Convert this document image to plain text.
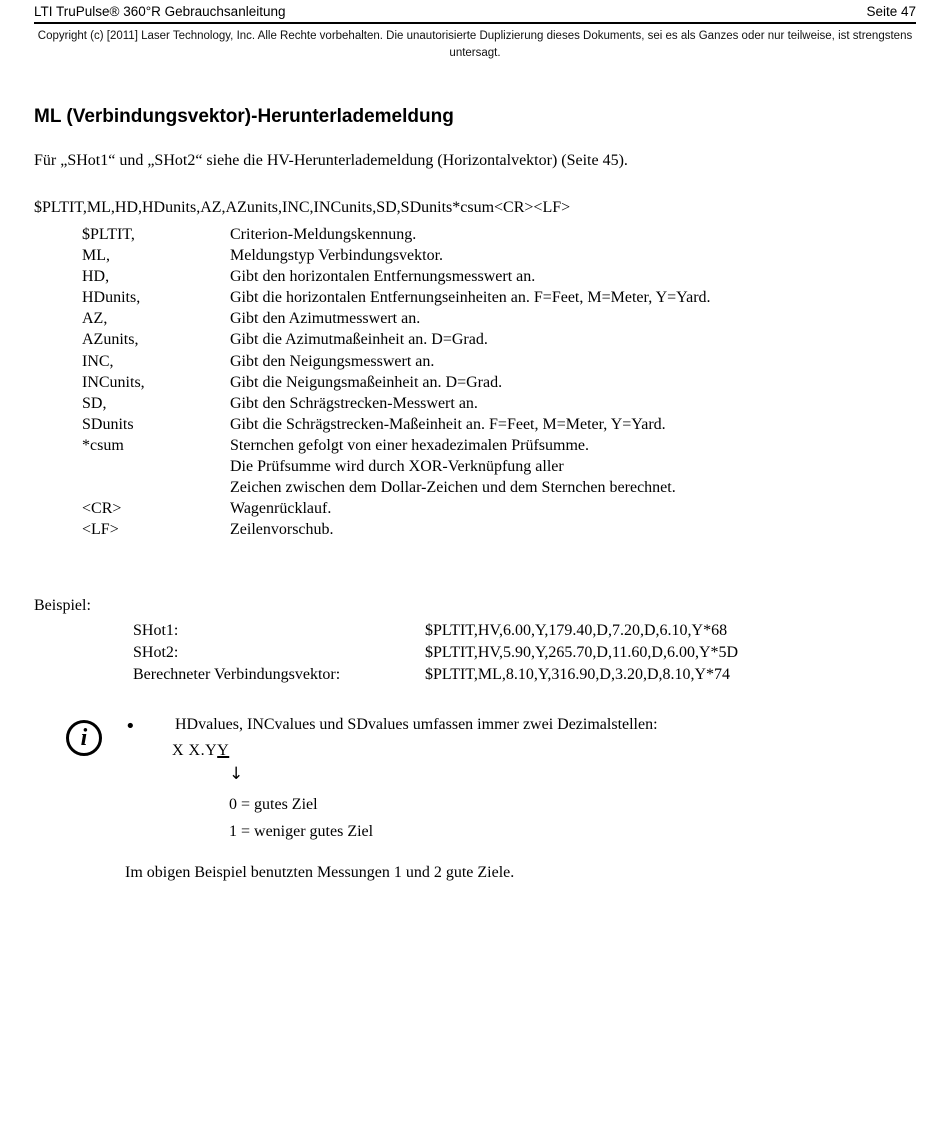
LTI TruPulse® 360°R Gebrauchsanleitung	Seite 47
Copyright (c) [2011] Laser Technology, Inc. Alle Rechte vorbehalten. Die unautorisierte Duplizierung dieses Dokuments, sei es als Ganzes oder nur teilweise, ist strengstens untersagt.
ML (Verbindungsvektor)-Herunterlademeldung
Für „SHot1“ und „SHot2“ siehe die HV-Herunterlademeldung (Horizontalvektor) (Seite 45).
$PLTIT,ML,HD,HDunits,AZ,AZunits,INC,INCunits,SD,SDunits*csum<CR><LF>
$PLTIT,	Criterion-Meldungskennung.
ML,	Meldungstyp Verbindungsvektor.
HD,	Gibt den horizontalen Entfernungsmesswert an.
HDunits,	Gibt die horizontalen Entfernungseinheiten an. F=Feet, M=Meter, Y=Yard.
AZ,	Gibt den Azimutmesswert an.
AZunits,	Gibt die Azimutmaßeinheit an. D=Grad.
INC,	Gibt den Neigungsmesswert an.
INCunits,	Gibt die Neigungsmaßeinheit an. D=Grad.
SD,	Gibt den Schrägstrecken-Messwert an.
SDunits	Gibt die Schrägstrecken-Maßeinheit an. F=Feet, M=Meter, Y=Yard.
*csum	Sternchen gefolgt von einer hexadezimalen Prüfsumme.
Die Prüfsumme wird durch XOR-Verknüpfung aller
Zeichen zwischen dem Dollar-Zeichen und dem Sternchen berechnet.
<CR>	Wagenrücklauf.
<LF>	Zeilenvorschub.
Beispiel:
SHot1:	$PLTIT,HV,6.00,Y,179.40,D,7.20,D,6.10,Y*68
SHot2:	$PLTIT,HV,5.90,Y,265.70,D,11.60,D,6.00,Y*5D
Berechneter Verbindungsvektor:	$PLTIT,ML,8.10,Y,316.90,D,3.20,D,8.10,Y*74
i	• HDvalues, INCvalues und SDvalues umfassen immer zwei Dezimalstellen:
X X.YY
↓
0 = gutes Ziel
1 = weniger gutes Ziel
Im obigen Beispiel benutzten Messungen 1 und 2 gute Ziele.
